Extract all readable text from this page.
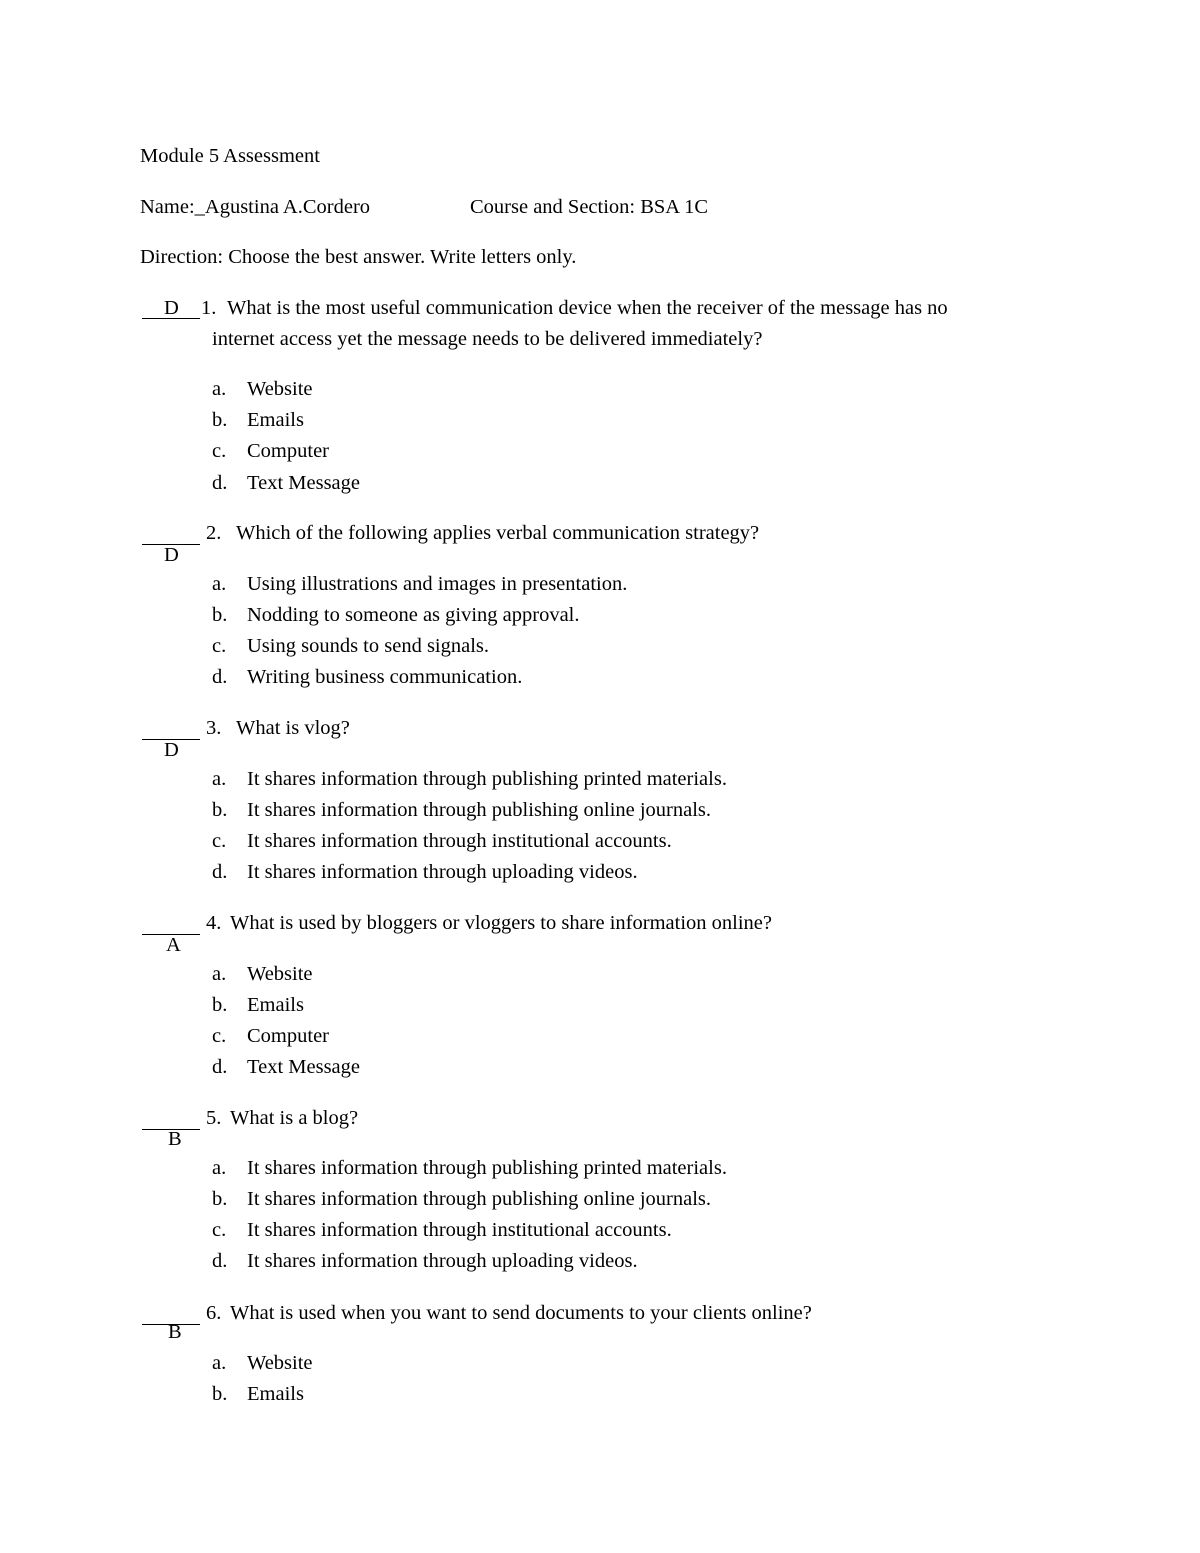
Module 5 Assessment
Name:_Agustina A.Cordero	Course and Section: BSA 1C
Direction: Choose the best answer. Write letters only.
D 1. What is the most useful communication device when the receiver of the message has no
internet access yet the message needs to be delivered immediately?
a. Website
b. Emails
c. Computer
d. Text Message
D
2. Which of the following applies verbal communication strategy?
a. Using illustrations and images in presentation.
b. Nodding to someone as giving approval.
c. Using sounds to send signals.
d. Writing business communication.
D
3. What is vlog?
a. It shares information through publishing printed materials.
b. It shares information through publishing online journals.
c. It shares information through institutional accounts.
d. It shares information through uploading videos.
A
4. What is used by bloggers or vloggers to share information online?
a. Website
b. Emails
c. Computer
d. Text Message
B
5. What is a blog?
a. It shares information through publishing printed materials.
b. It shares information through publishing online journals.
c. It shares information through institutional accounts.
d. It shares information through uploading videos.
B
6. What is used when you want to send documents to your clients online?
a. Website
b. Emails
